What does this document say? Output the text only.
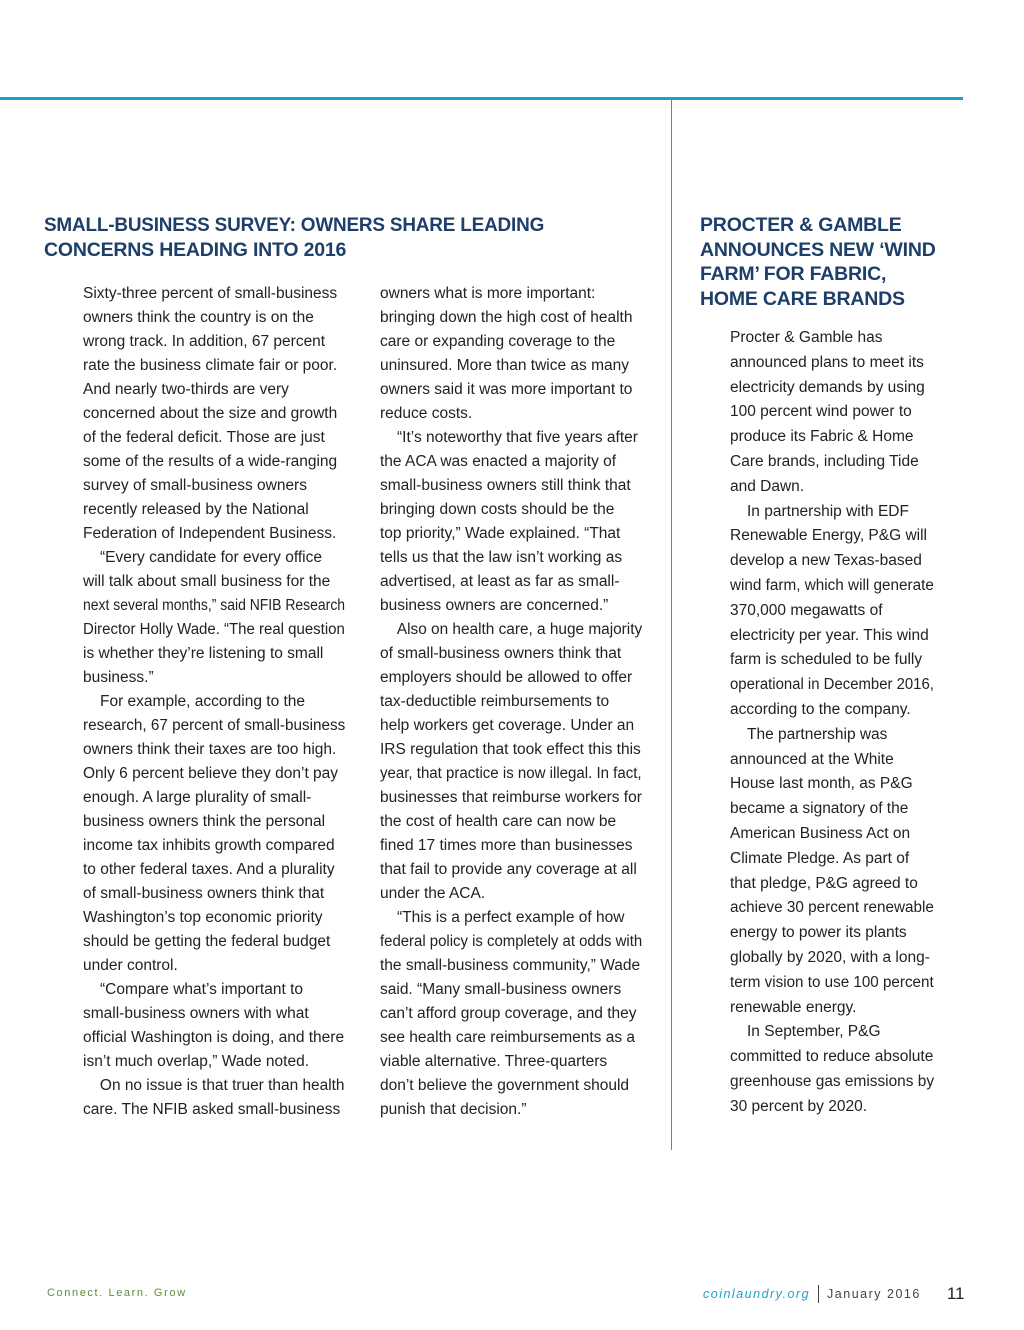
SMALL-BUSINESS SURVEY: OWNERS SHARE LEADING
CONCERNS HEADING INTO 2016
Sixty-three percent of small-business
owners think the country is on the
wrong track. In addition, 67 percent
rate the business climate fair or poor.
And nearly two-thirds are very
concerned about the size and growth
of the federal deficit. Those are just
some of the results of a wide-ranging
survey of small-business owners
recently released by the National
Federation of Independent Business.
“Every candidate for every office
will talk about small business for the
next several months,” said NFIB Research
Director Holly Wade. “The real question
is whether they’re listening to small
business.”
For example, according to the
research, 67 percent of small-business
owners think their taxes are too high.
Only 6 percent believe they don’t pay
enough. A large plurality of small-
business owners think the personal
income tax inhibits growth compared
to other federal taxes. And a plurality
of small-business owners think that
Washington’s top economic priority
should be getting the federal budget
under control.
“Compare what’s important to
small-business owners with what
official Washington is doing, and there
isn’t much overlap,” Wade noted.
On no issue is that truer than health
care. The NFIB asked small-business
owners what is more important:
bringing down the high cost of health
care or expanding coverage to the
uninsured. More than twice as many
owners said it was more important to
reduce costs.
“It’s noteworthy that five years after
the ACA was enacted a majority of
small-business owners still think that
bringing down costs should be the
top priority,” Wade explained. “That
tells us that the law isn’t working as
advertised, at least as far as small-
business owners are concerned.”
Also on health care, a huge majority
of small-business owners think that
employers should be allowed to offer
tax-deductible reimbursements to
help workers get coverage. Under an
IRS regulation that took effect this this
year, that practice is now illegal. In fact,
businesses that reimburse workers for
the cost of health care can now be
fined 17 times more than businesses
that fail to provide any coverage at all
under the ACA.
“This is a perfect example of how
federal policy is completely at odds with
the small-business community,” Wade
said. “Many small-business owners
can’t afford group coverage, and they
see health care reimbursements as a
viable alternative. Three-quarters
don’t believe the government should
punish that decision.”
PROCTER & GAMBLE
ANNOUNCES NEW ‘WIND
FARM’ FOR FABRIC,
HOME CARE BRANDS
Procter & Gamble has
announced plans to meet its
electricity demands by using
100 percent wind power to
produce its Fabric & Home
Care brands, including Tide
and Dawn.
In partnership with EDF
Renewable Energy, P&G will
develop a new Texas-based
wind farm, which will generate
370,000 megawatts of
electricity per year. This wind
farm is scheduled to be fully
operational in December 2016,
according to the company.
The partnership was
announced at the White
House last month, as P&G
became a signatory of the
American Business Act on
Climate Pledge. As part of
that pledge, P&G agreed to
achieve 30 percent renewable
energy to power its plants
globally by 2020, with a long-
term vision to use 100 percent
renewable energy.
In September, P&G
committed to reduce absolute
greenhouse gas emissions by
30 percent by 2020.
Connect. Learn. Grow	coinlaundry.org January 2016 11
